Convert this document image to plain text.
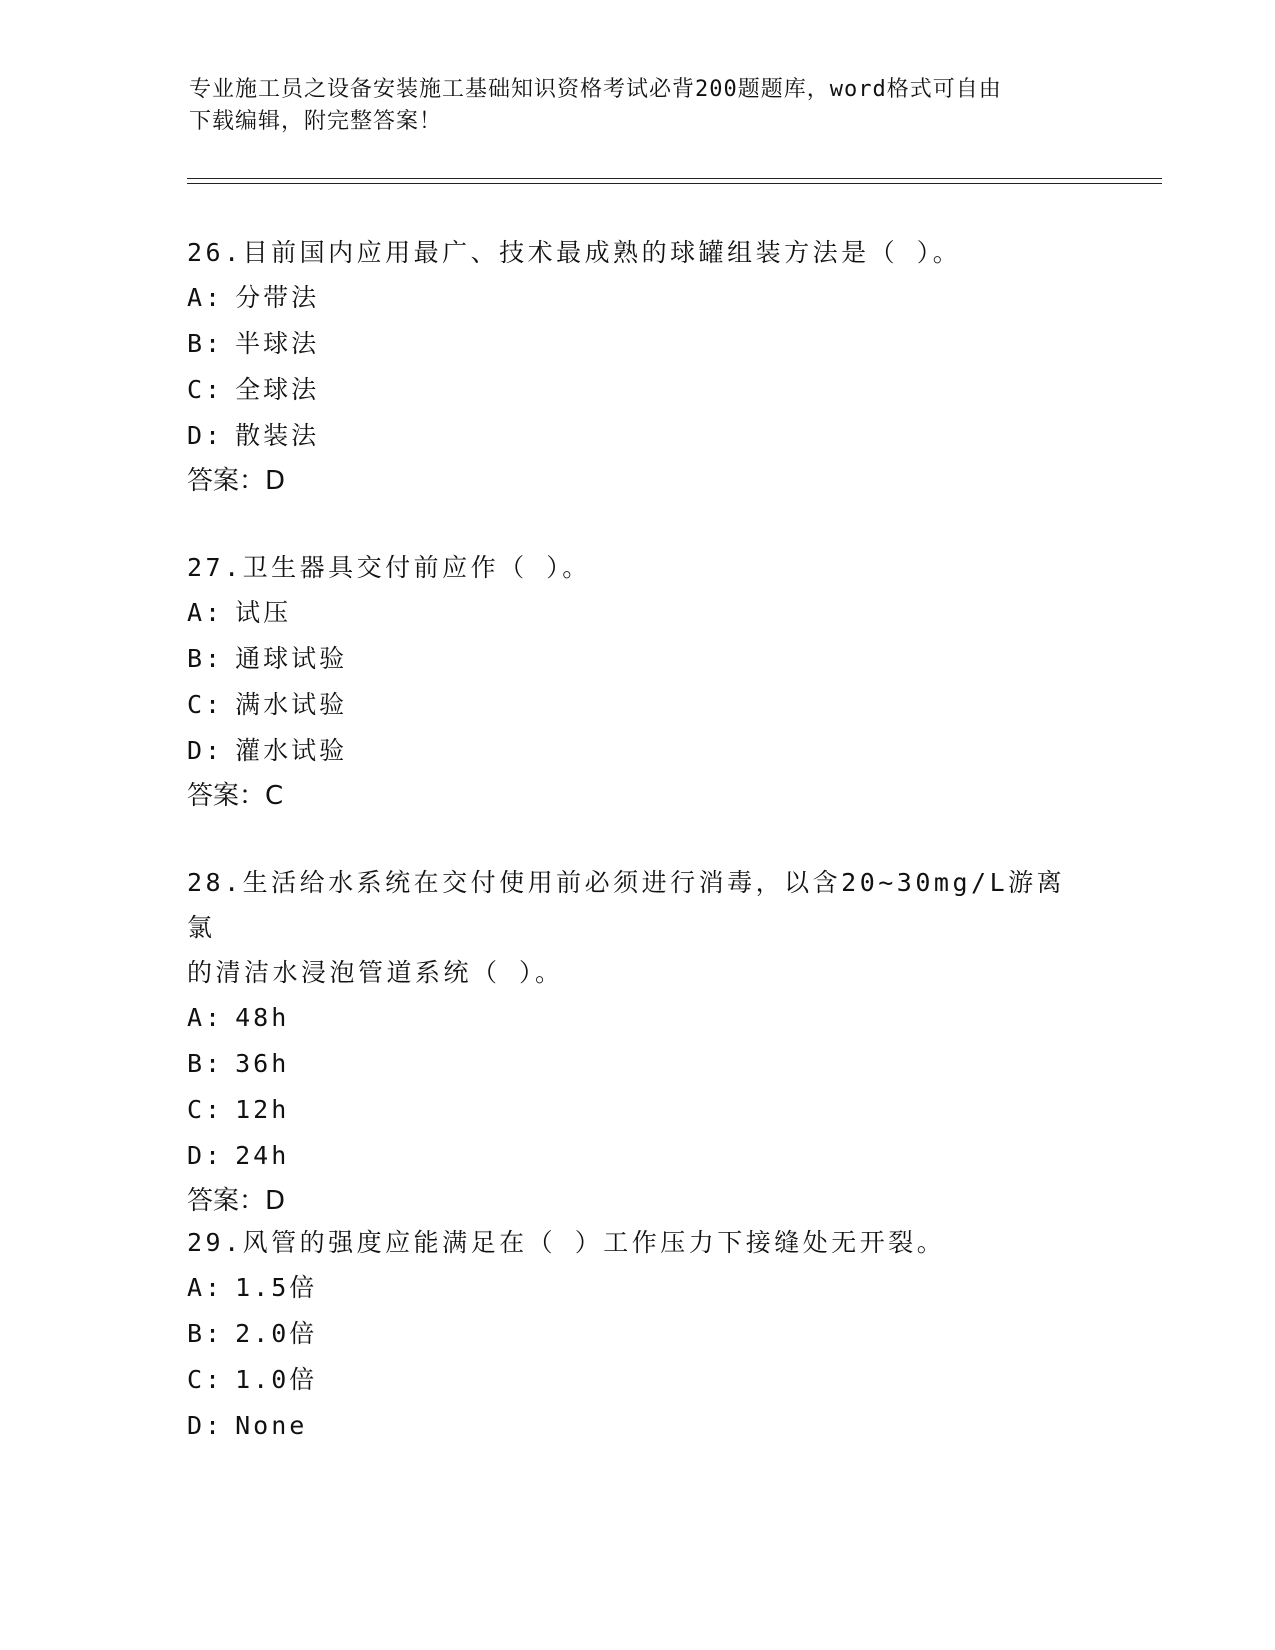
专业施工员之设备安装施工基础知识资格考试必背200题题库，word格式可自由
下载编辑，附完整答案！

26.目前国内应用最广、技术最成熟的球罐组装方法是（ ）。

A: 分带法

B: 半球法

C: 全球法

D: 散装法

答案：D

27.卫生器具交付前应作（ ）。

A: 试压

B: 通球试验

C: 满水试验

D: 灌水试验

答案：C

28.生活给水系统在交付使用前必须进行消毒，以含20~30mg/L游离氯

的清洁水浸泡管道系统（ ）。

A: 48h

B: 36h

C: 12h

D: 24h

答案：D

29.风管的强度应能满足在（ ）工作压力下接缝处无开裂。

A: 1.5倍

B: 2.0倍

C: 1.0倍

D: None
